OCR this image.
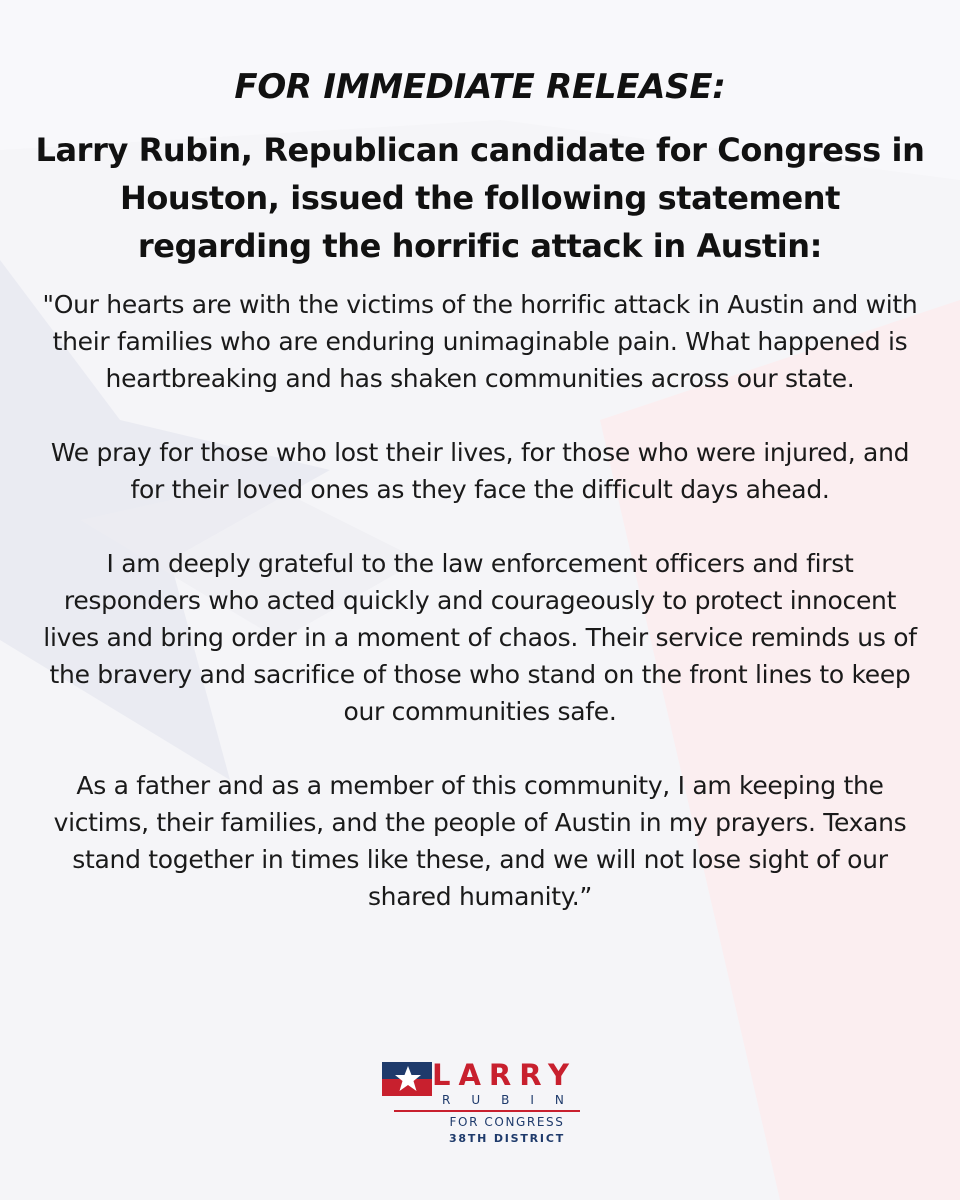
FOR IMMEDIATE RELEASE:
Larry Rubin, Republican candidate for Congress in Houston, issued the following statement regarding the horrific attack in Austin:

"Our hearts are with the victims of the horrific attack in Austin and with their families who are enduring unimaginable pain. What happened is heartbreaking and has shaken communities across our state.

We pray for those who lost their lives, for those who were injured, and for their loved ones as they face the difficult days ahead.

I am deeply grateful to the law enforcement officers and first responders who acted quickly and courageously to protect innocent lives and bring order in a moment of chaos. Their service reminds us of the bravery and sacrifice of those who stand on the front lines to keep our communities safe.

As a father and as a member of this community, I am keeping the victims, their families, and the people of Austin in my prayers. Texans stand together in times like these, and we will not lose sight of our shared humanity.”

LARRY
RUBIN
FOR CONGRESS
38TH DISTRICT
